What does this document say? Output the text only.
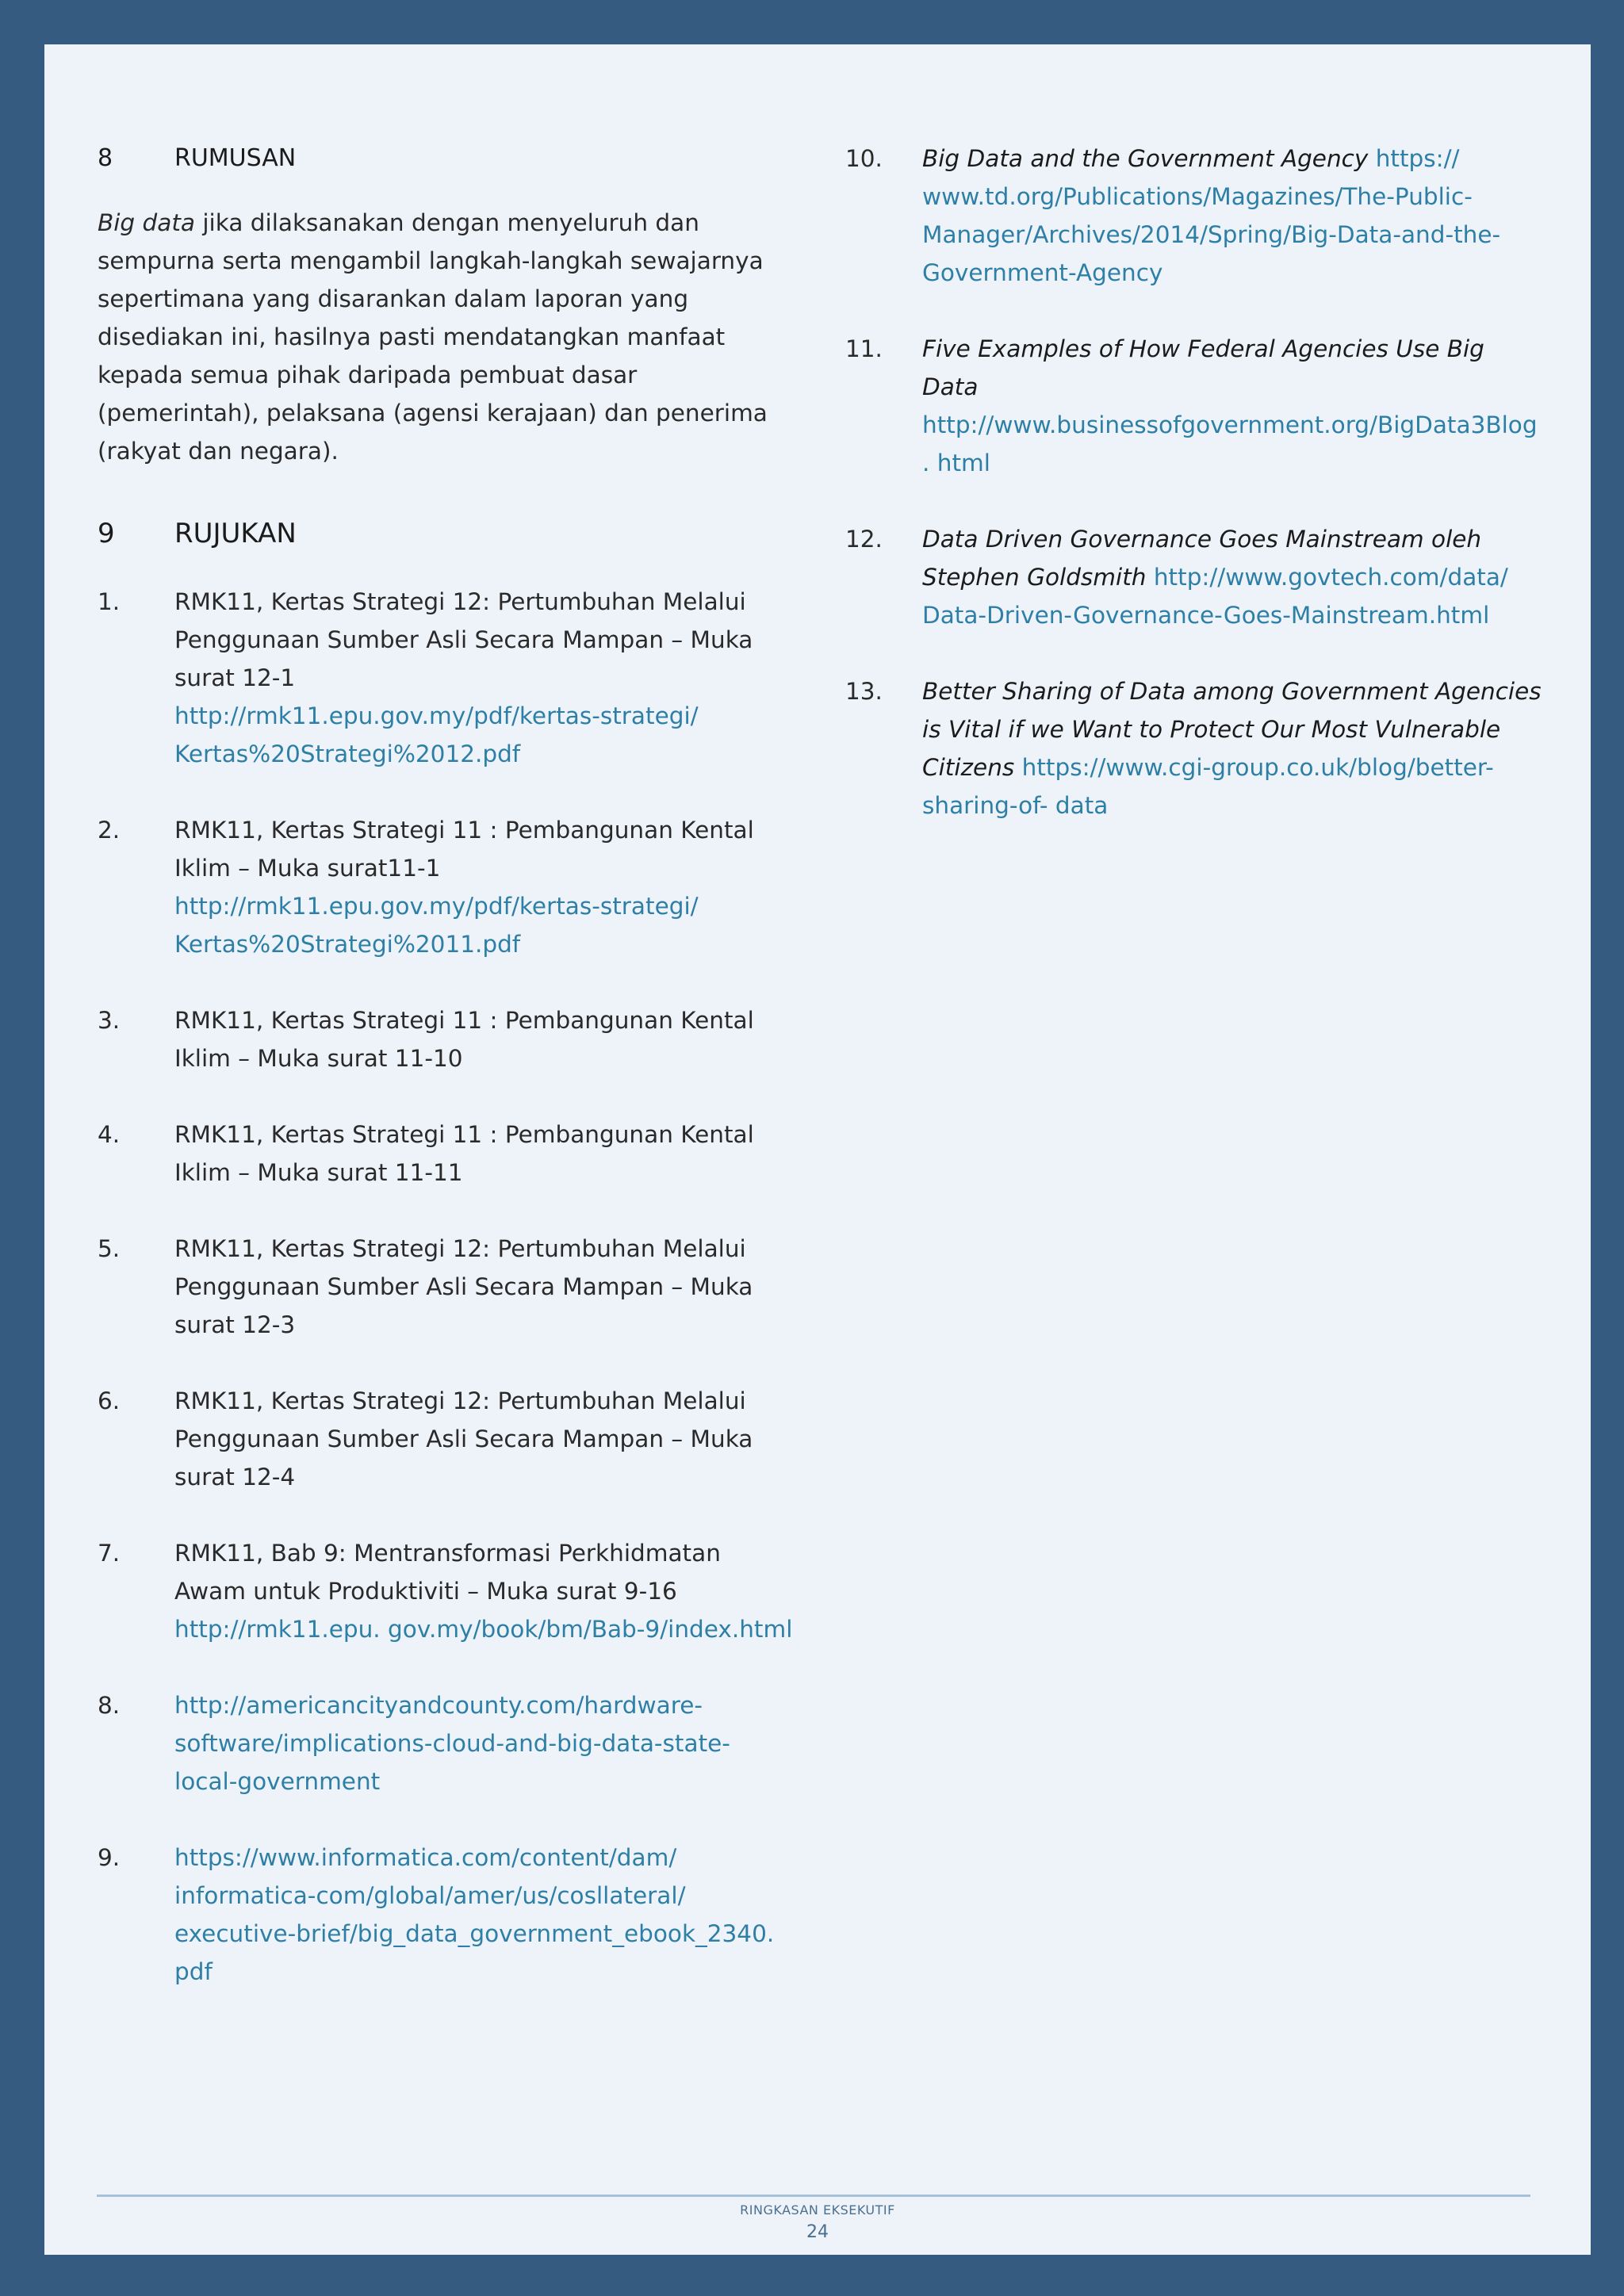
8	RUMUSAN
Big data jika dilaksanakan dengan menyeluruh dan sempurna serta mengambil langkah-langkah sewajarnya sepertimana yang disarankan dalam laporan yang disediakan ini, hasilnya pasti mendatangkan manfaat kepada semua pihak daripada pembuat dasar (pemerintah), pelaksana (agensi kerajaan) dan penerima (rakyat dan negara).
9	RUJUKAN
1.	RMK11, Kertas Strategi 12: Pertumbuhan Melalui Penggunaan Sumber Asli Secara Mampan – Muka surat 12-1
http://rmk11.epu.gov.my/pdf/kertas-strategi/ Kertas%20Strategi%2012.pdf
2.	RMK11, Kertas Strategi 11 : Pembangunan Kental Iklim – Muka surat11-1
http://rmk11.epu.gov.my/pdf/kertas-strategi/ Kertas%20Strategi%2011.pdf
3.	RMK11, Kertas Strategi 11 : Pembangunan Kental Iklim – Muka surat 11-10
4.	RMK11, Kertas Strategi 11 : Pembangunan Kental Iklim – Muka surat 11-11
5.	RMK11, Kertas Strategi 12: Pertumbuhan Melalui Penggunaan Sumber Asli Secara Mampan – Muka surat 12-3
6.	RMK11, Kertas Strategi 12: Pertumbuhan Melalui Penggunaan Sumber Asli Secara Mampan – Muka surat 12-4
7.	RMK11, Bab 9: Mentransformasi Perkhidmatan Awam untuk Produktiviti – Muka surat 9-16 http://rmk11.epu. gov.my/book/bm/Bab-9/index.html
8.	http://americancityandcounty.com/hardware- software/implications-cloud-and-big-data-state- local-government
9.	https://www.informatica.com/content/dam/ informatica-com/global/amer/us/cosllateral/ executive-brief/big_data_government_ebook_2340. pdf
10.	Big Data and the Government Agency https:// www.td.org/Publications/Magazines/The-Public- Manager/Archives/2014/Spring/Big-Data-and-the- Government-Agency
11.	Five Examples of How Federal Agencies Use Big Data http://www.businessofgovernment.org/BigData3Blog. html
12.	Data Driven Governance Goes Mainstream oleh Stephen Goldsmith http://www.govtech.com/data/ Data-Driven-Governance-Goes-Mainstream.html
13.	Better Sharing of Data among Government Agencies is Vital if we Want to Protect Our Most Vulnerable Citizens https://www.cgi-group.co.uk/blog/better-sharing-of- data
RINGKASAN EKSEKUTIF
24
